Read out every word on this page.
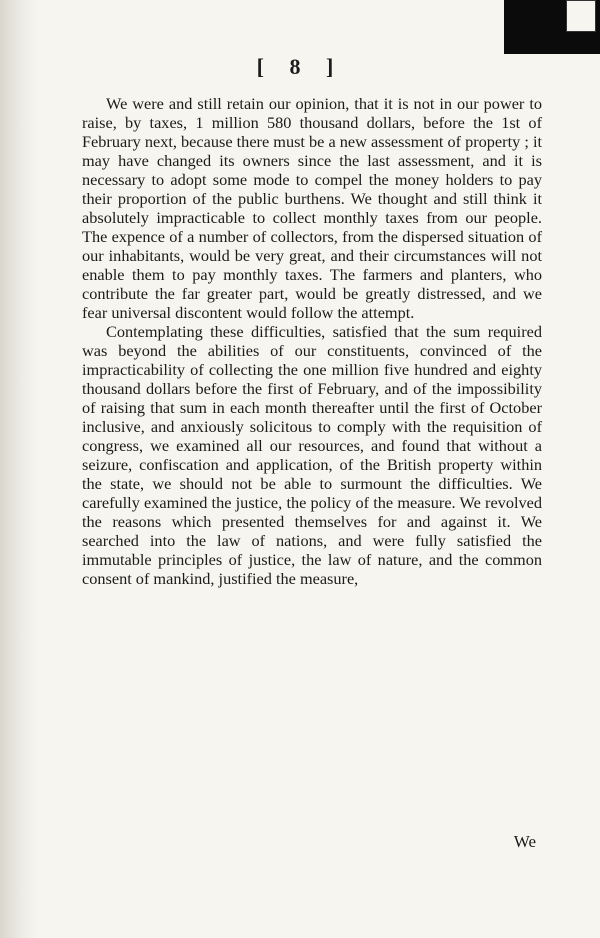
[ 8 ]

We were and still retain our opinion, that it is not in our power to raise, by taxes, 1 million 580 thousand dollars, before the 1st of February next, because there must be a new assessment of property ; it may have changed its owners since the last assessment, and it is necessary to adopt some mode to compel the money holders to pay their proportion of the public burthens. We thought and still think it absolutely impracticable to collect monthly taxes from our people. The expence of a number of collectors, from the dispersed situation of our inhabitants, would be very great, and their circumstances will not enable them to pay monthly taxes. The farmers and planters, who contribute the far greater part, would be greatly distressed, and we fear universal discontent would follow the attempt.

Contemplating these difficulties, satisfied that the sum required was beyond the abilities of our constituents, convinced of the impracticability of collecting the one million five hundred and eighty thousand dollars before the first of February, and of the impossibility of raising that sum in each month thereafter until the first of October inclusive, and anxiously solicitous to comply with the requisition of congress, we examined all our resources, and found that without a seizure, confiscation and application, of the British property within the state, we should not be able to surmount the difficulties. We carefully examined the justice, the policy of the measure. We revolved the reasons which presented themselves for and against it. We searched into the law of nations, and were fully satisfied the immutable principles of justice, the law of nature, and the common consent of mankind, justified the measure,

We
